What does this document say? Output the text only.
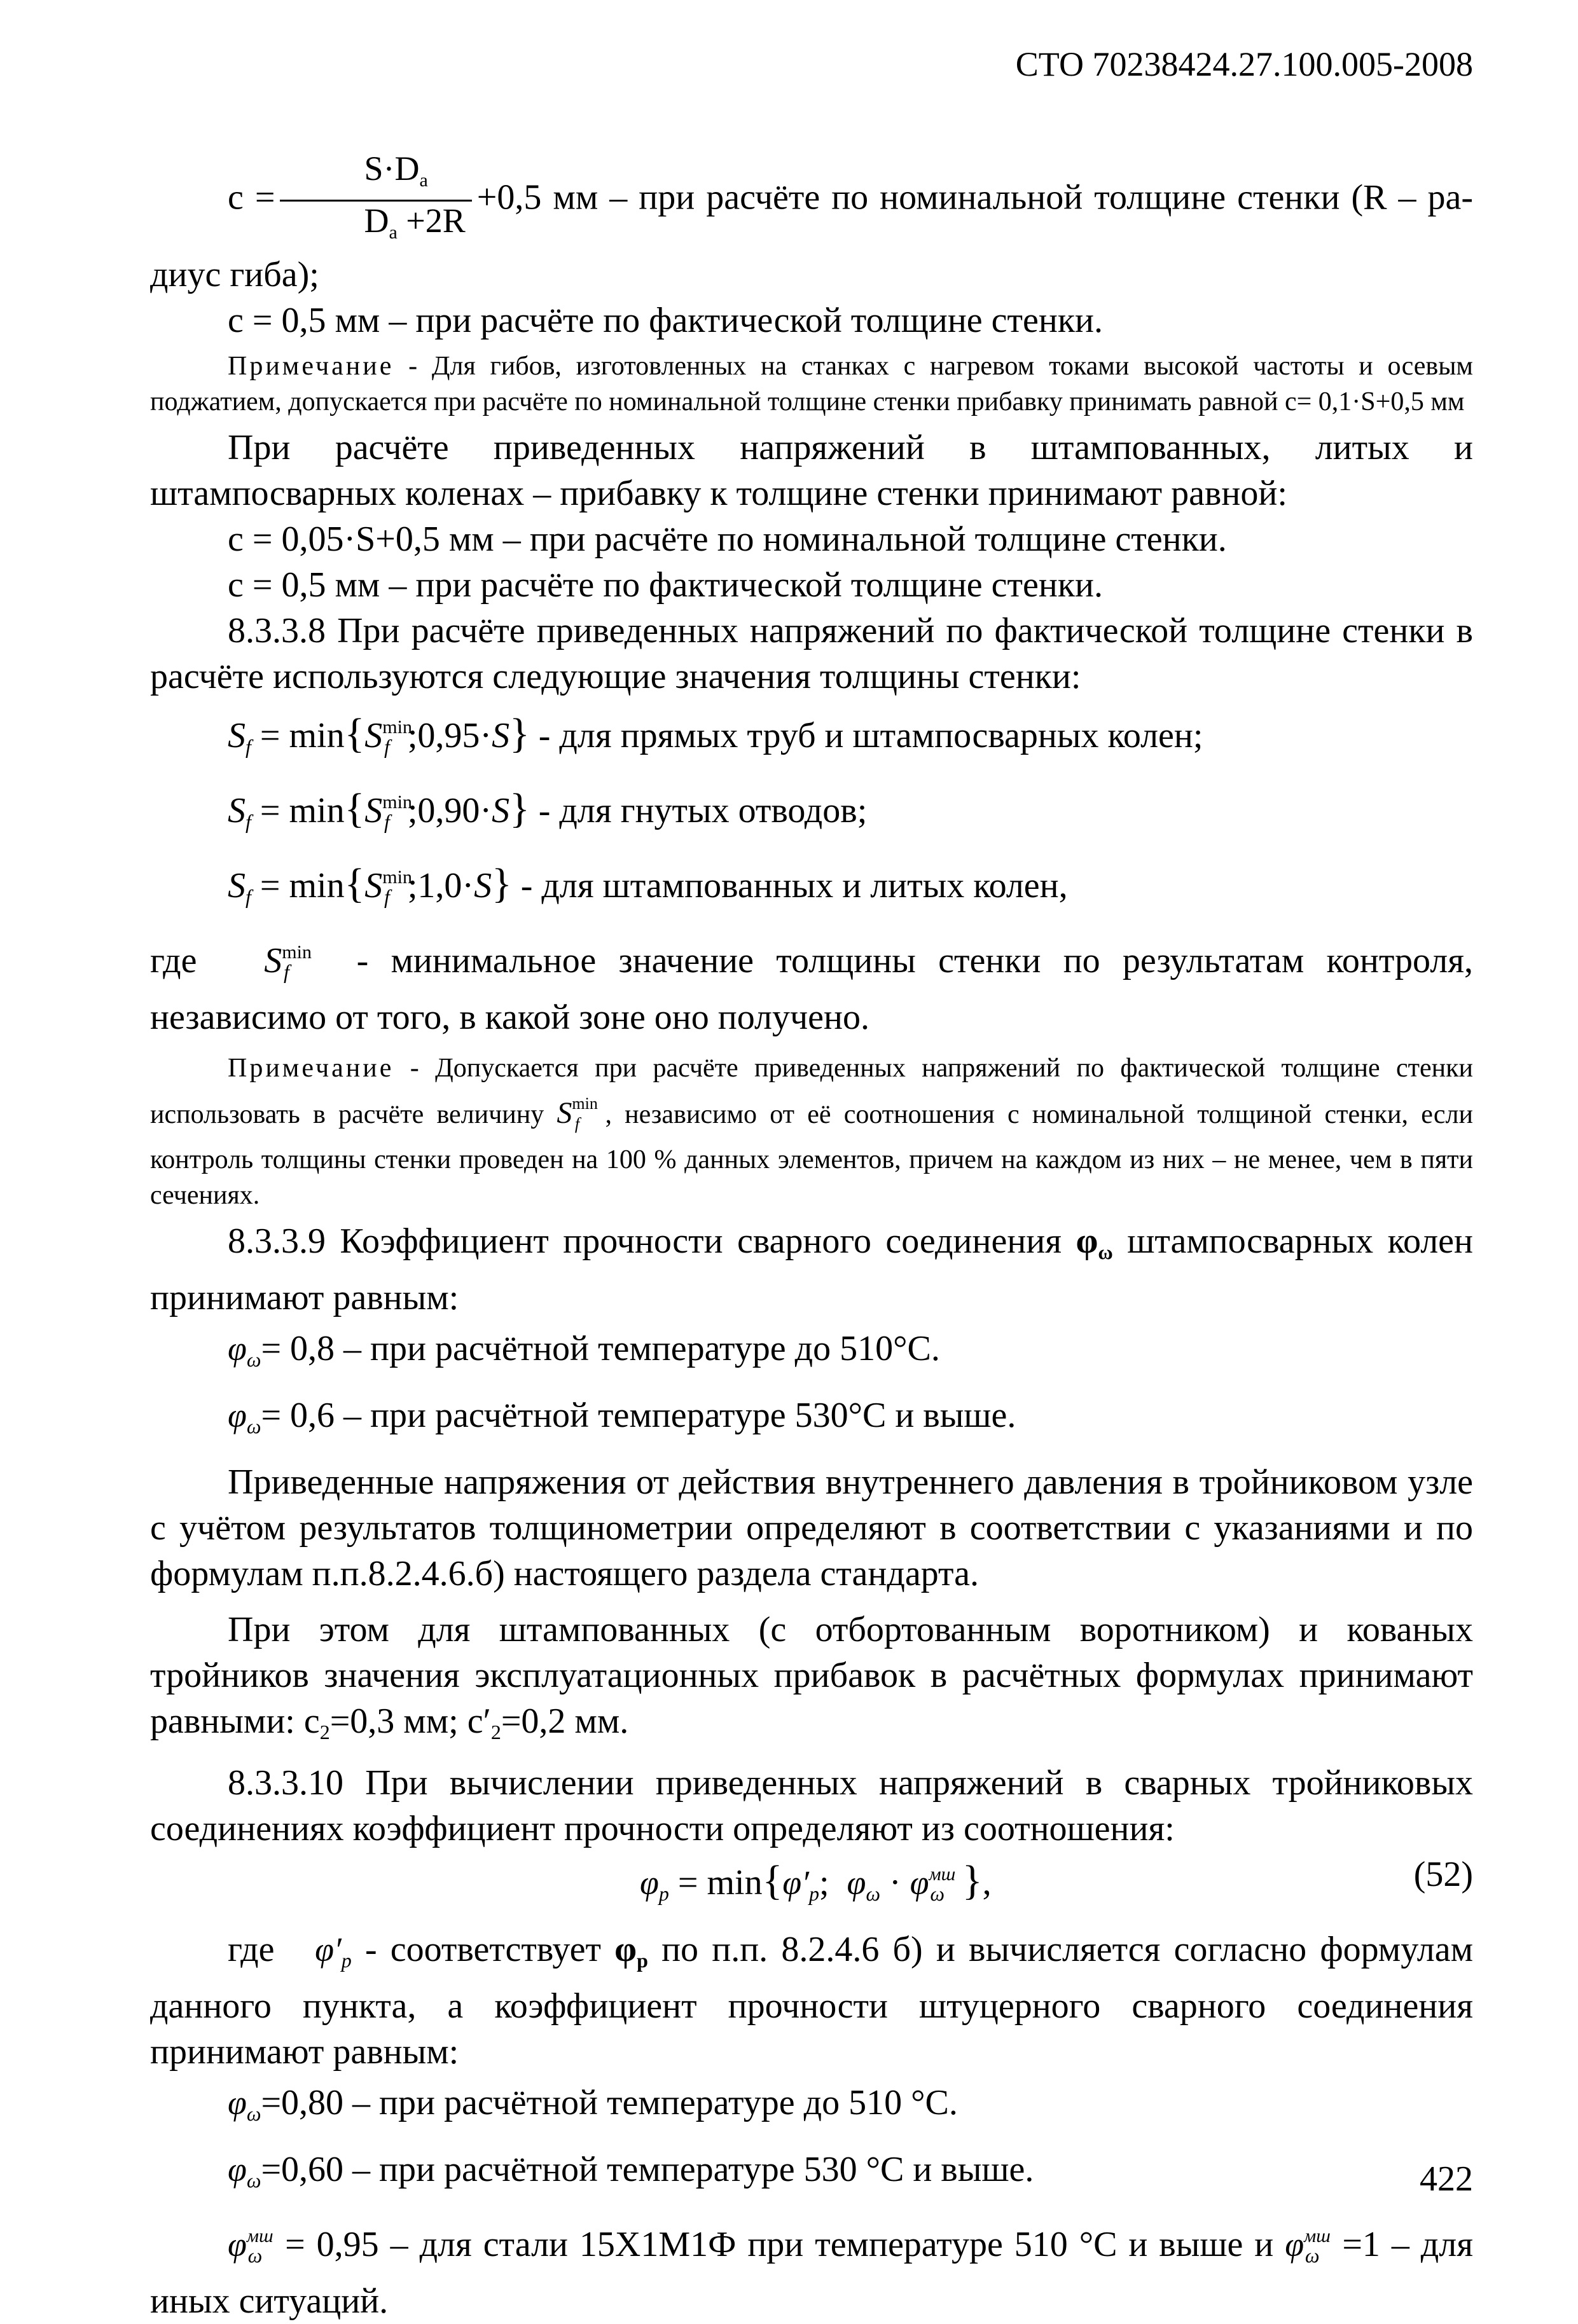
СТО 70238424.27.100.005-2008

$c = \frac{S\cdot Da}{Da +2R} +0,5$ мм – при расчёте по номинальной толщине стенки (R – ра-

диус гиба);

с = 0,5 мм – при расчёте по фактической толщине стенки.

Примечание - Для гибов, изготовленных на станках с нагревом токами высокой частоты и осевым поджатием, допускается при расчёте по номинальной толщине стенки прибавку принимать равной с= 0,1·S+0,5 мм

При расчёте приведенных напряжений в штампованных, литых и штампосварных коленах – прибавку к толщине стенки принимают равной:

с = 0,05·S+0,5 мм – при расчёте по номинальной толщине стенки.

с = 0,5 мм – при расчёте по фактической толщине стенки.

8.3.3.8 При расчёте приведенных напряжений по фактической толщине стенки в расчёте используются следующие значения толщины стенки:

$S_f = \min\{S^{min}_f$ ;0,95·S} - для прямых труб и штампосварных колен;

$S_f = \min\{S^{min}_f$ ;0,90·S} - для гнутых отводов;

$S_f = \min\{S^{min}_f$ ;1,0·S} - для штампованных и литых колен,

где $S^{min}_f$   - минимальное значение толщины стенки по результатам контроля, независимо от того, в какой зоне оно получено.

Примечание - Допускается при расчёте приведенных напряжений по фактической толщине стенки использовать в расчёте величину $S^{min}_f$ , независимо от её соотношения с номинальной толщиной стенки, если контроль толщины стенки проведен на 100 % данных элементов, причем на каждом из них – не менее, чем в пяти сечениях.

8.3.3.9 Коэффициент прочности сварного соединения $\varphi_\omega$ штампосварных колен принимают равным:

$\varphi_\omega= 0,8$ – при расчётной температуре до 510°С.

$\varphi_\omega= 0,6$ – при расчётной температуре 530°С и выше.

Приведенные напряжения от действия внутреннего давления в тройниковом узле с учётом результатов толщинометрии определяют в соответствии с указаниями и по формулам п.п.8.2.4.6.б) настоящего раздела стандарта.

При этом для штампованных (с отбортованным воротником) и кованых тройников значения эксплуатационных прибавок в расчётных формулах принимают равными: $с_2=0,3$ мм; $с'_2=0,2$ мм.

8.3.3.10 При вычислении приведенных напряжений в сварных тройниковых соединениях коэффициент прочности определяют из соотношения:

$\varphi_p = \min\{\varphi'_p$;  $\varphi_\omega \cdot \varphi^{мш}_\omega$ },	(52)

где $\varphi'_p$ - соответствует $\varphi_p$ по п.п. 8.2.4.6 б) и вычисляется согласно формулам данного пункта, а коэффициент прочности штуцерного сварного соединения принимают равным:

$\varphi_\omega=0,80$ – при расчётной температуре до 510 °С.

$\varphi_\omega=0,60$ – при расчётной температуре 530 °С и выше.

$\varphi^{мш}_\omega = 0,95$ – для стали 15Х1М1Ф при температуре 510 °С и выше и $\varphi^{мш}_\omega =1$ – для иных ситуаций.

422
